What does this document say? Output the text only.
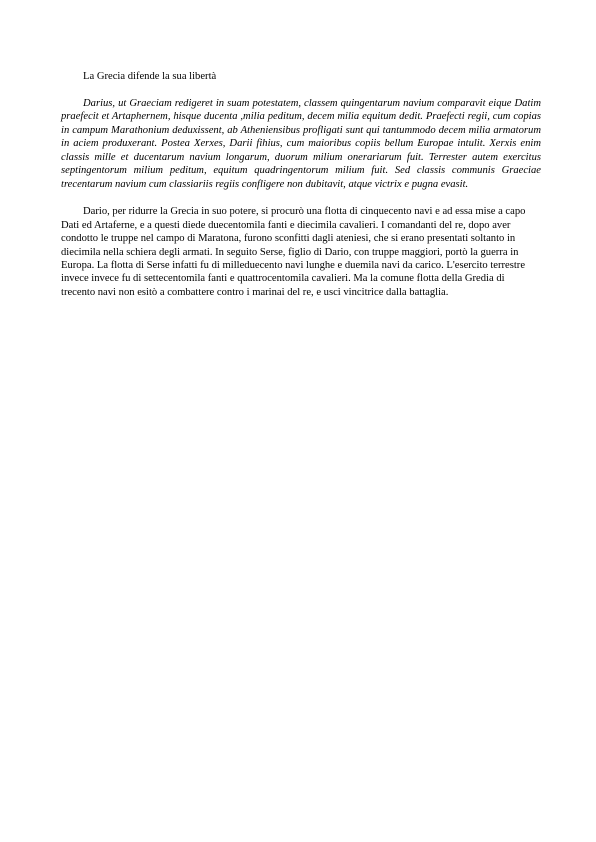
La Grecia difende la sua libertà

Darius, ut Graeciam redigeret in suam potestatem, classem quingentarum navium comparavit eique Datim praefecit et Artaphernem, hisque ducenta ,milia peditum, decem milia equitum dedit. Praefecti regii, cum copias in campum Marathonium deduxissent, ab Atheniensibus profligati sunt qui tantummodo decem milia armatorum in aciem produxerant. Postea Xerxes, Darii fihius, cum maioribus copiis bellum Europae intulit. Xerxis enim classis mille et ducentarum navium longarum, duorum milium onerariarum fuit. Terrester autem exercitus septingentorum milium peditum, equitum quadringentorum milium fuit. Sed classis communis Graeciae trecentarum navium cum classiariis regiis confligere non dubitavit, atque victrix e pugna evasit.

Dario, per ridurre la Grecia in suo potere, si procurò una flotta di cinquecento navi e ad essa mise a capo Dati ed Artaferne, e a questi diede duecentomila fanti e diecimila cavalieri. I comandanti del re, dopo aver condotto le truppe nel campo di Maratona, furono sconfitti dagli ateniesi, che si erano presentati soltanto in diecimila nella schiera degli armati. In seguito Serse, figlio di Dario, con truppe maggiori, portò la guerra in Europa. La flotta di Serse infatti fu di milleduecento navi lunghe e duemila navi da carico. L'esercito terrestre invece invece fu di settecentomila fanti e quattrocentomila cavalieri. Ma la comune flotta della Gredia di trecento navi non esitò a combattere contro i marinai del re, e usci vincitrice dalla battaglia.
